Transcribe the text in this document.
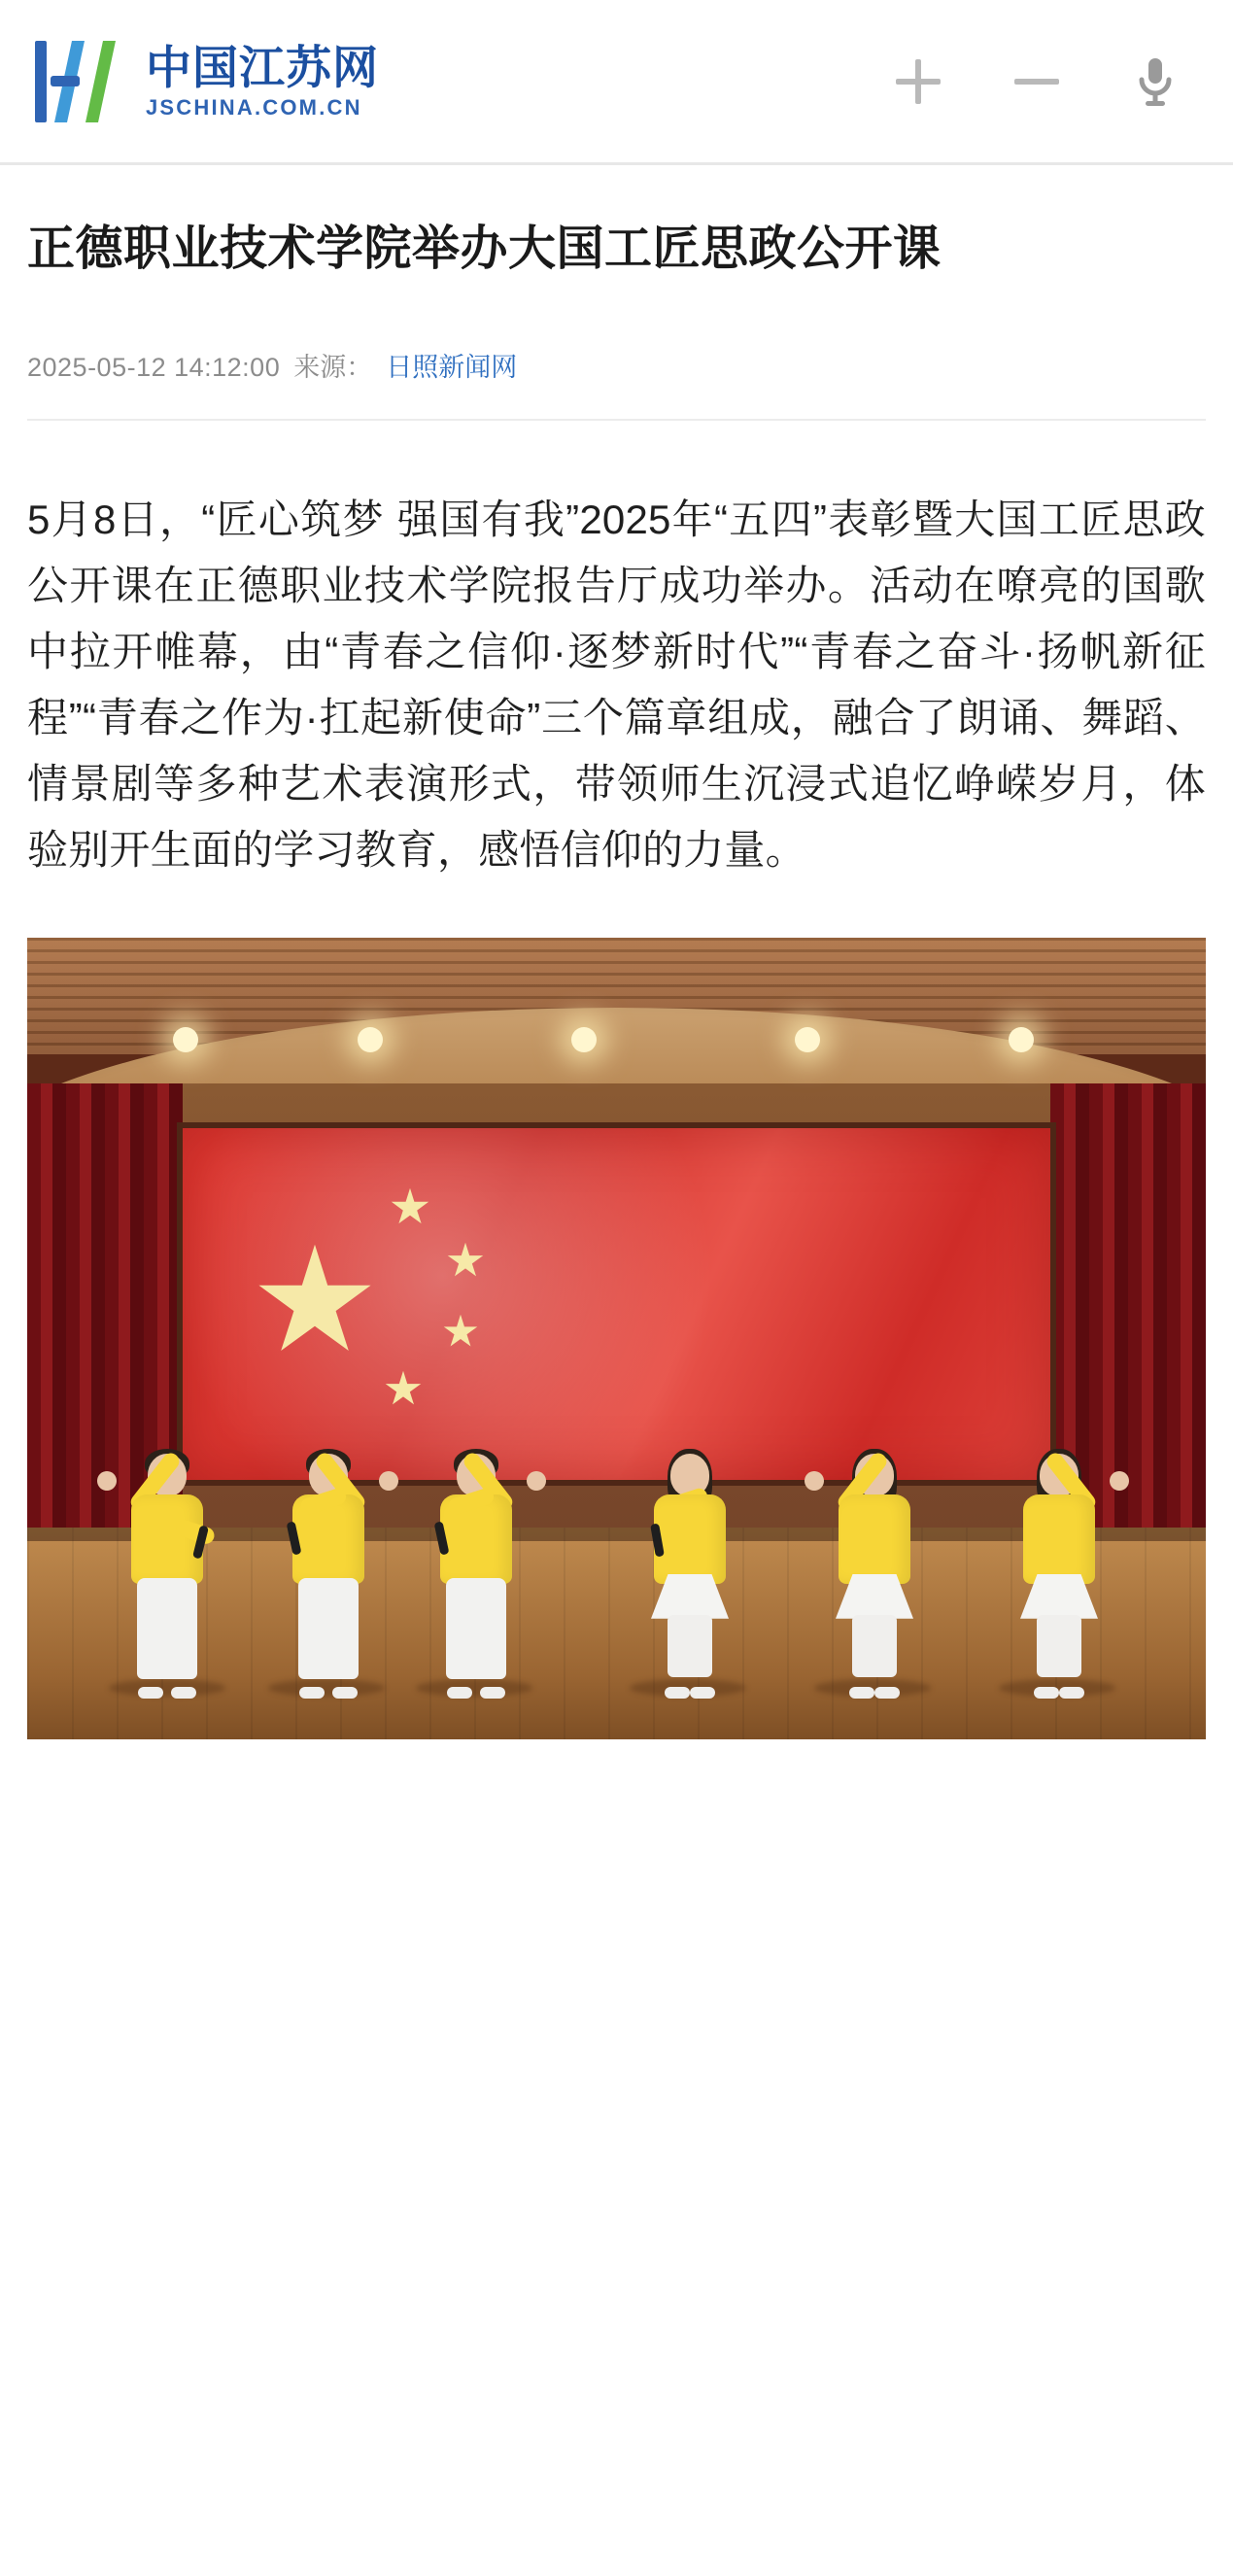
中国江苏网
JSCHINA.COM.CN
正德职业技术学院举办大国工匠思政公开课
2025-05-12 14:12:00 来源： 日照新闻网

5月8日，“匠心筑梦 强国有我”2025年“五四”表彰暨大国工匠思政公开课在正德职业技术学院报告厅成功举办。活动在嘹亮的国歌中拉开帷幕，由“青春之信仰·逐梦新时代”“青春之奋斗·扬帆新征程”“青春之作为·扛起新使命”三个篇章组成，融合了朗诵、舞蹈、情景剧等多种艺术表演形式，带领师生沉浸式追忆峥嵘岁月，体验别开生面的学习教育，感悟信仰的力量。
